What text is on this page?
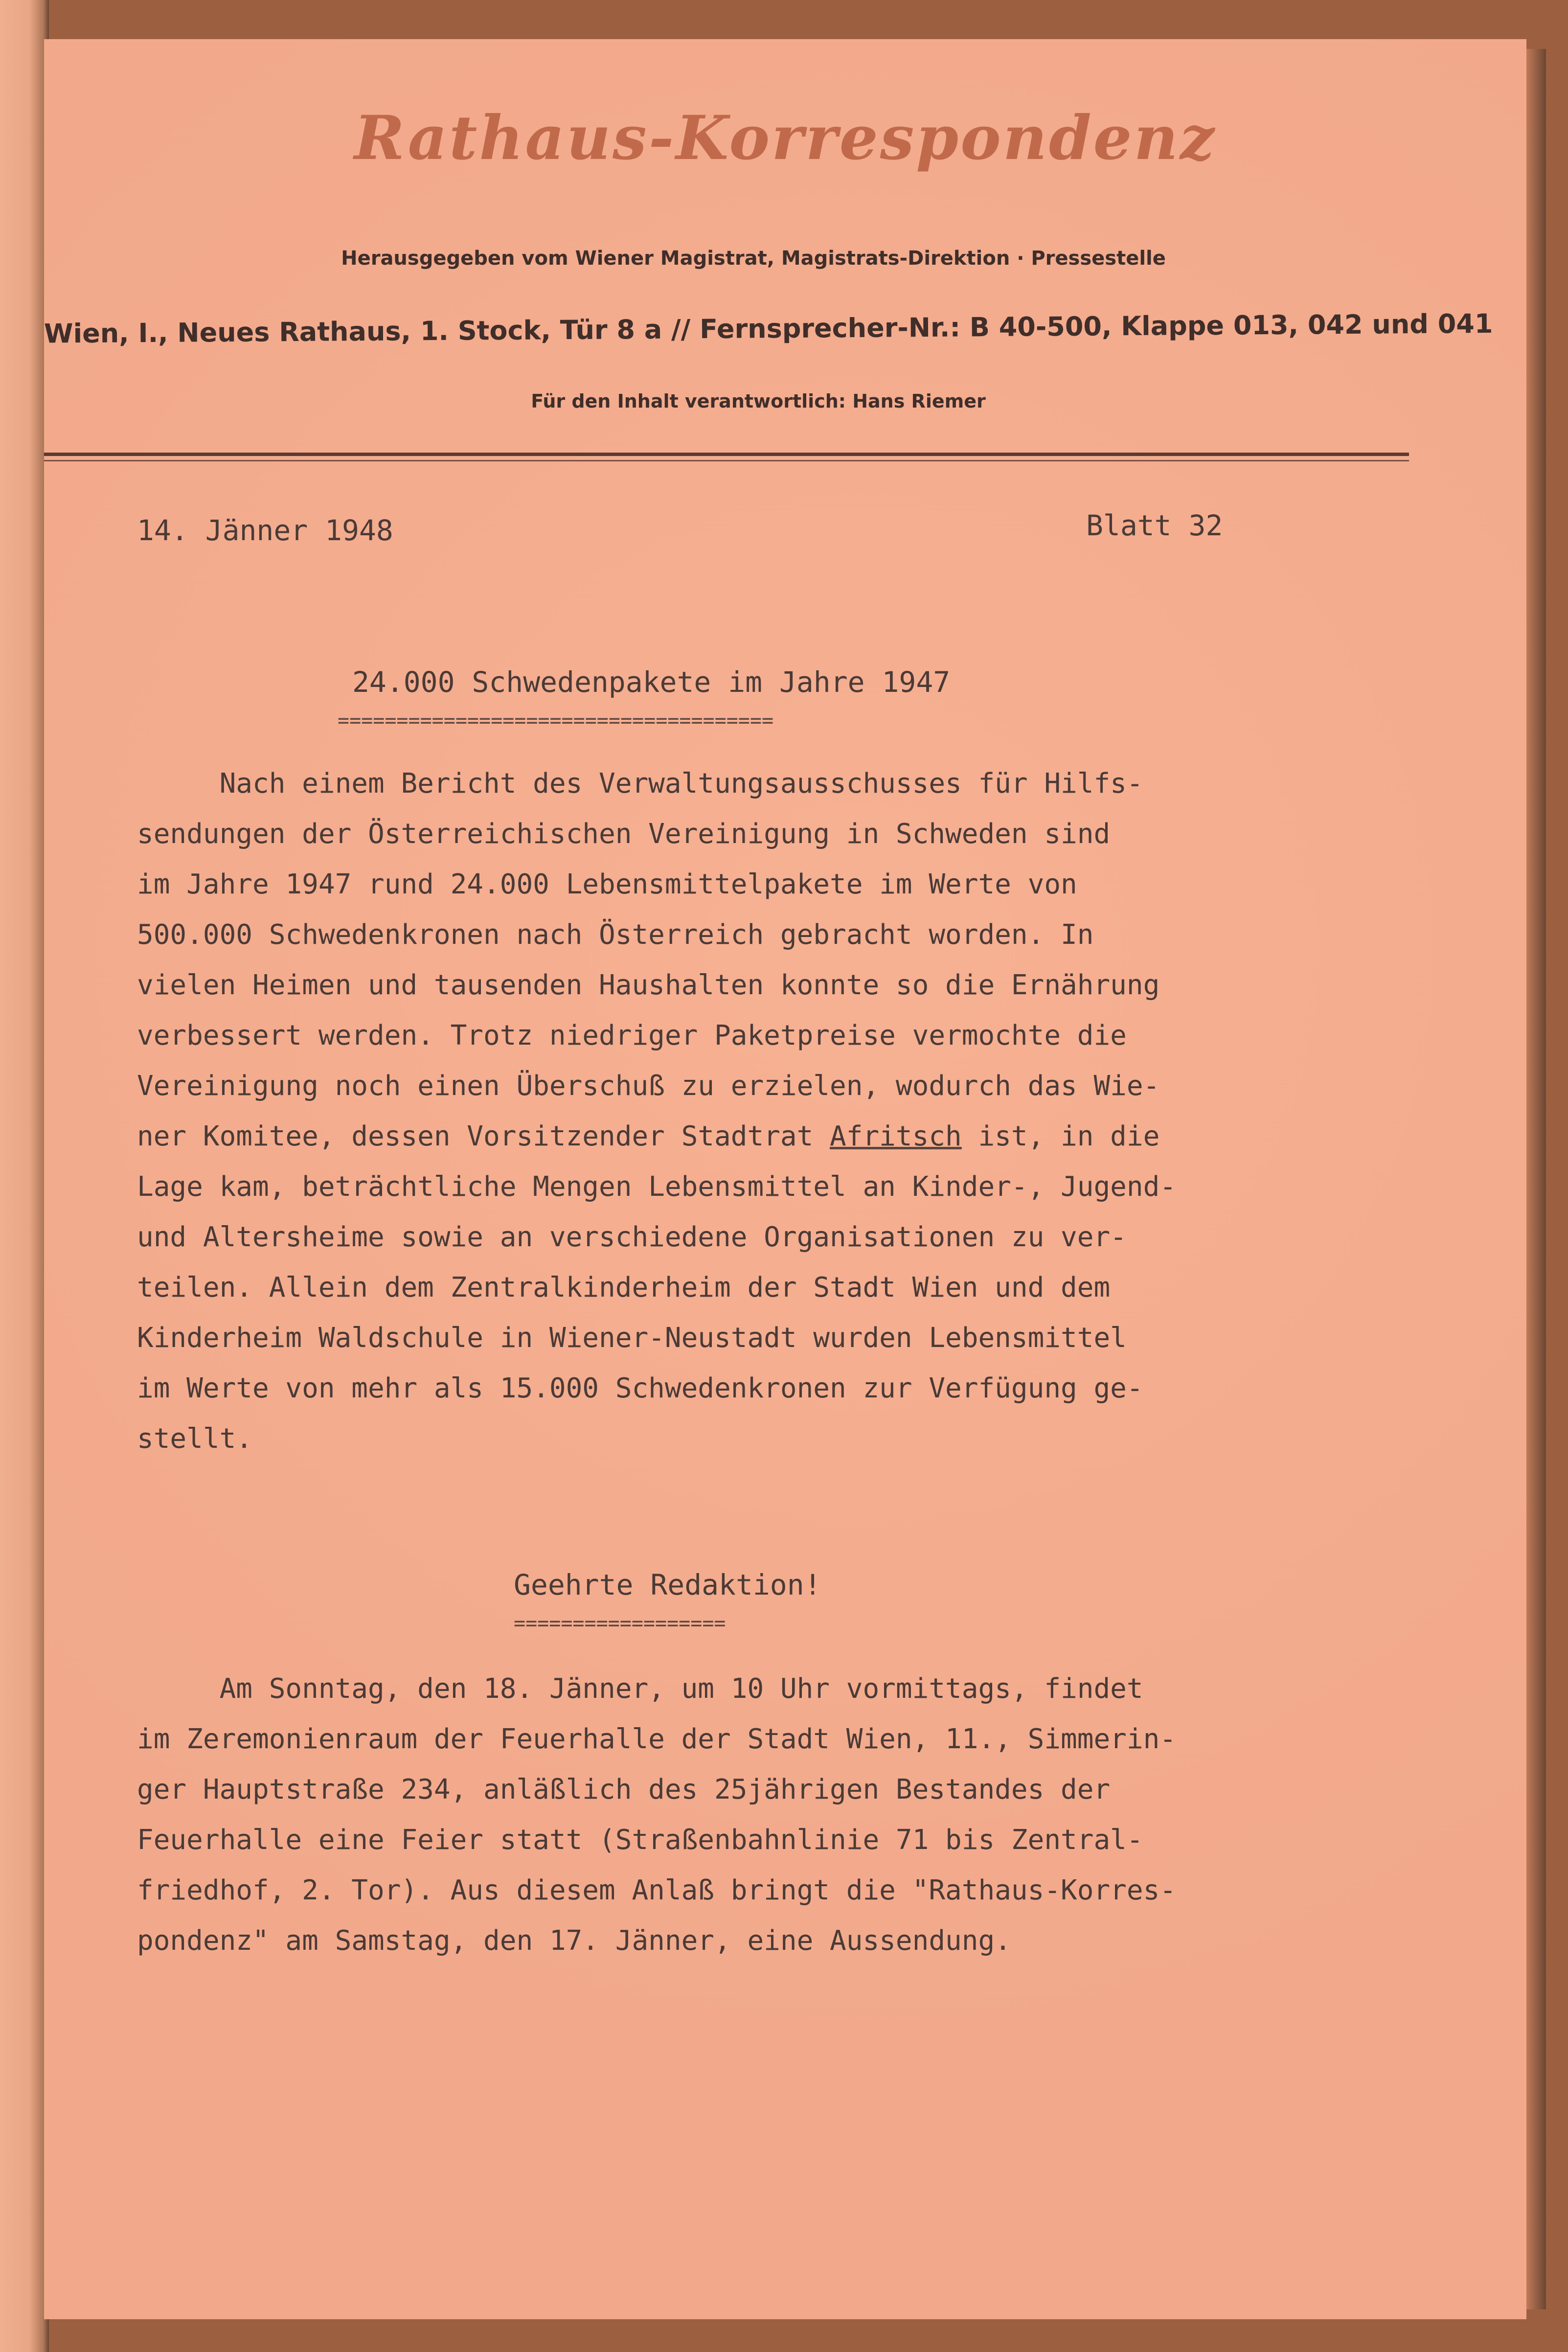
Rathaus-Korrespondenz
Herausgegeben vom Wiener Magistrat, Magistrats-Direktion · Pressestelle
Wien, I., Neues Rathaus, 1. Stock, Tür 8 a // Fernsprecher-Nr.: B 40-500, Klappe 013, 042 und 041
Für den Inhalt verantwortlich: Hans Riemer
14. Jänner 1948	Blatt 32
24.000 Schwedenpakete im Jahre 1947
=====================================
Nach einem Bericht des Verwaltungsausschusses für Hilfs-
sendungen der Österreichischen Vereinigung in Schweden sind
im Jahre 1947 rund 24.000 Lebensmittelpakete im Werte von
500.000 Schwedenkronen nach Österreich gebracht worden. In
vielen Heimen und tausenden Haushalten konnte so die Ernährung
verbessert werden. Trotz niedriger Paketpreise vermochte die
Vereinigung noch einen Überschuß zu erzielen, wodurch das Wie-
ner Komitee, dessen Vorsitzender Stadtrat Afritsch ist, in die
Lage kam, beträchtliche Mengen Lebensmittel an Kinder-, Jugend-
und Altersheime sowie an verschiedene Organisationen zu ver-
teilen. Allein dem Zentralkinderheim der Stadt Wien und dem
Kinderheim Waldschule in Wiener-Neustadt wurden Lebensmittel
im Werte von mehr als 15.000 Schwedenkronen zur Verfügung ge-
stellt.
Geehrte Redaktion!
==================
Am Sonntag, den 18. Jänner, um 10 Uhr vormittags, findet
im Zeremonienraum der Feuerhalle der Stadt Wien, 11., Simmerin-
ger Hauptstraße 234, anläßlich des 25jährigen Bestandes der
Feuerhalle eine Feier statt (Straßenbahnlinie 71 bis Zentral-
friedhof, 2. Tor). Aus diesem Anlaß bringt die "Rathaus-Korres-
pondenz" am Samstag, den 17. Jänner, eine Aussendung.
